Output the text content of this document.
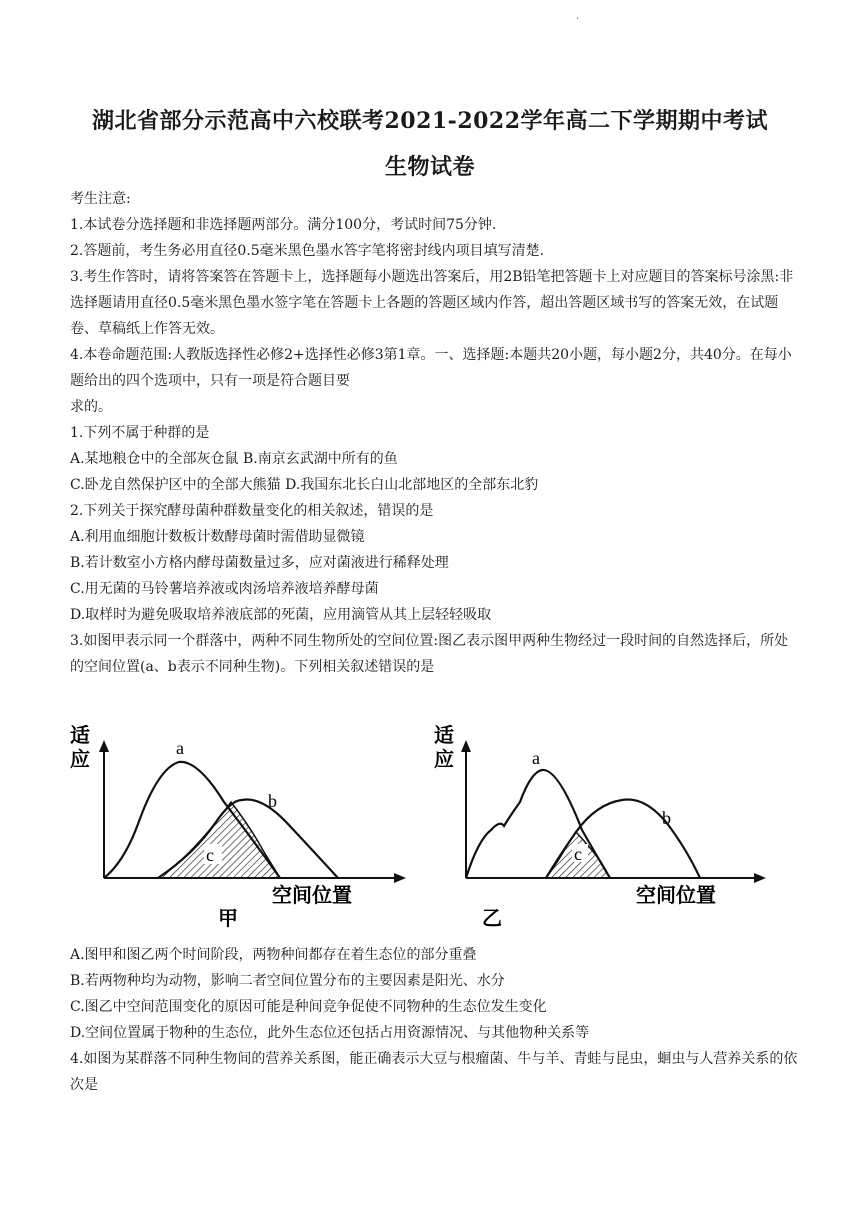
·
湖北省部分示范高中六校联考2021-2022学年高二下学期期中考试
生物试卷

考生注意:

1.本试卷分选择题和非选择题两部分。满分100分，考试时间75分钟.

2.答题前，考生务必用直径0.5毫米黑色墨水答字笔将密封线内项目填写清楚.

3.考生作答时，请将答案答在答题卡上，选择题每小题选出答案后，用2B铅笔把答题卡上对应题目的答案标号涂黑:非选择题请用直径0.5毫米黑色墨水签字笔在答题卡上各题的答题区域内作答，超出答题区域书写的答案无效，在试题卷、草稿纸上作答无效。

4.本卷命题范围:人教版选择性必修2+选择性必修3第1章。一、选择题:本题共20小题，每小题2分，共40分。在每小题给出的四个选项中，只有一项是符合题目要

求的。

1.下列不属于种群的是

A.某地粮仓中的全部灰仓鼠 B.南京玄武湖中所有的鱼

C.卧龙自然保护区中的全部大熊猫 D.我国东北长白山北部地区的全部东北豹

2.下列关于探究酵母菌种群数量变化的相关叙述，错误的是

A.利用血细胞计数板计数酵母菌时需借助显微镜

B.若计数室小方格内酵母菌数量过多，应对菌液进行稀释处理

C.用无菌的马铃薯培养液或肉汤培养液培养酵母菌

D.取样时为避免吸取培养液底部的死菌，应用滴管从其上层轻轻吸取

3.如图甲表示同一个群落中，两种不同生物所处的空间位置:图乙表示图甲两种生物经过一段时间的自然选择后，所处的空间位置(a、b表示不同种生物)。下列相关叙述错误的是

适
应	a
b
c
空间位置
甲
适
应	a
b
c
空间位置
乙

A.图甲和图乙两个时间阶段，两物种间都存在着生态位的部分重叠

B.若两物种均为动物，影响二者空间位置分布的主要因素是阳光、水分

C.图乙中空间范围变化的原因可能是种间竞争促使不同物种的生态位发生变化

D.空间位置属于物种的生态位，此外生态位还包括占用资源情况、与其他物种关系等

4.如图为某群落不同种生物间的营养关系图，能正确表示大豆与根瘤菌、牛与羊、青蛙与昆虫，蛔虫与人营养关系的依次是
